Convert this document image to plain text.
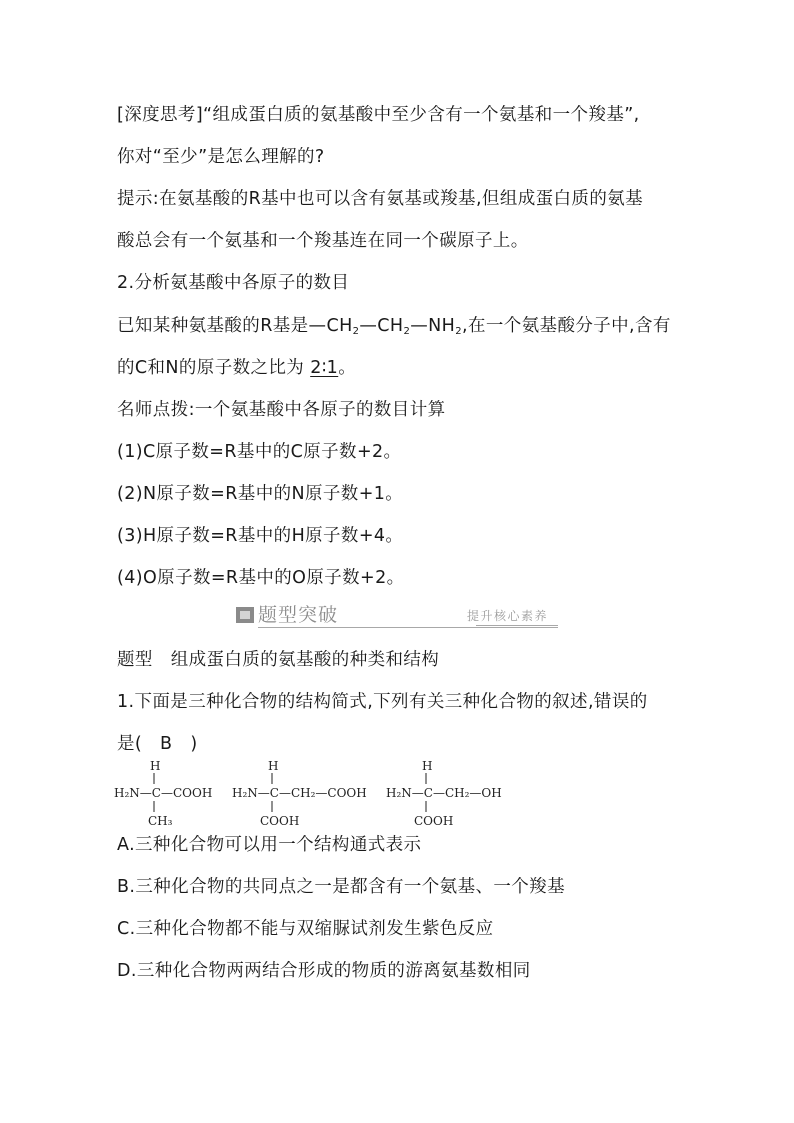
[深度思考]“组成蛋白质的氨基酸中至少含有一个氨基和一个羧基”,
你对“至少”是怎么理解的?
提示:在氨基酸的R基中也可以含有氨基或羧基,但组成蛋白质的氨基
酸总会有一个氨基和一个羧基连在同一个碳原子上。
2.分析氨基酸中各原子的数目
已知某种氨基酸的R基是$—CH_2—CH_2—NH_2$,在一个氨基酸分子中,含有
的C和N的原子数之比为 2∶1。
名师点拨:一个氨基酸中各原子的数目计算
(1)C原子数=R基中的C原子数+2。
(2)N原子数=R基中的N原子数+1。
(3)H原子数=R基中的H原子数+4。
(4)O原子数=R基中的O原子数+2。
题型突破	提升核心素养
题型　组成蛋白质的氨基酸的种类和结构
1.下面是三种化合物的结构简式,下列有关三种化合物的叙述,错误的
是(　B　)
H
H₂N—C—COOH
CH₃
H
H₂N—C—CH₂—COOH
COOH
H
H₂N—C—CH₂—OH
COOH
A.三种化合物可以用一个结构通式表示
B.三种化合物的共同点之一是都含有一个氨基、一个羧基
C.三种化合物都不能与双缩脲试剂发生紫色反应
D.三种化合物两两结合形成的物质的游离氨基数相同
